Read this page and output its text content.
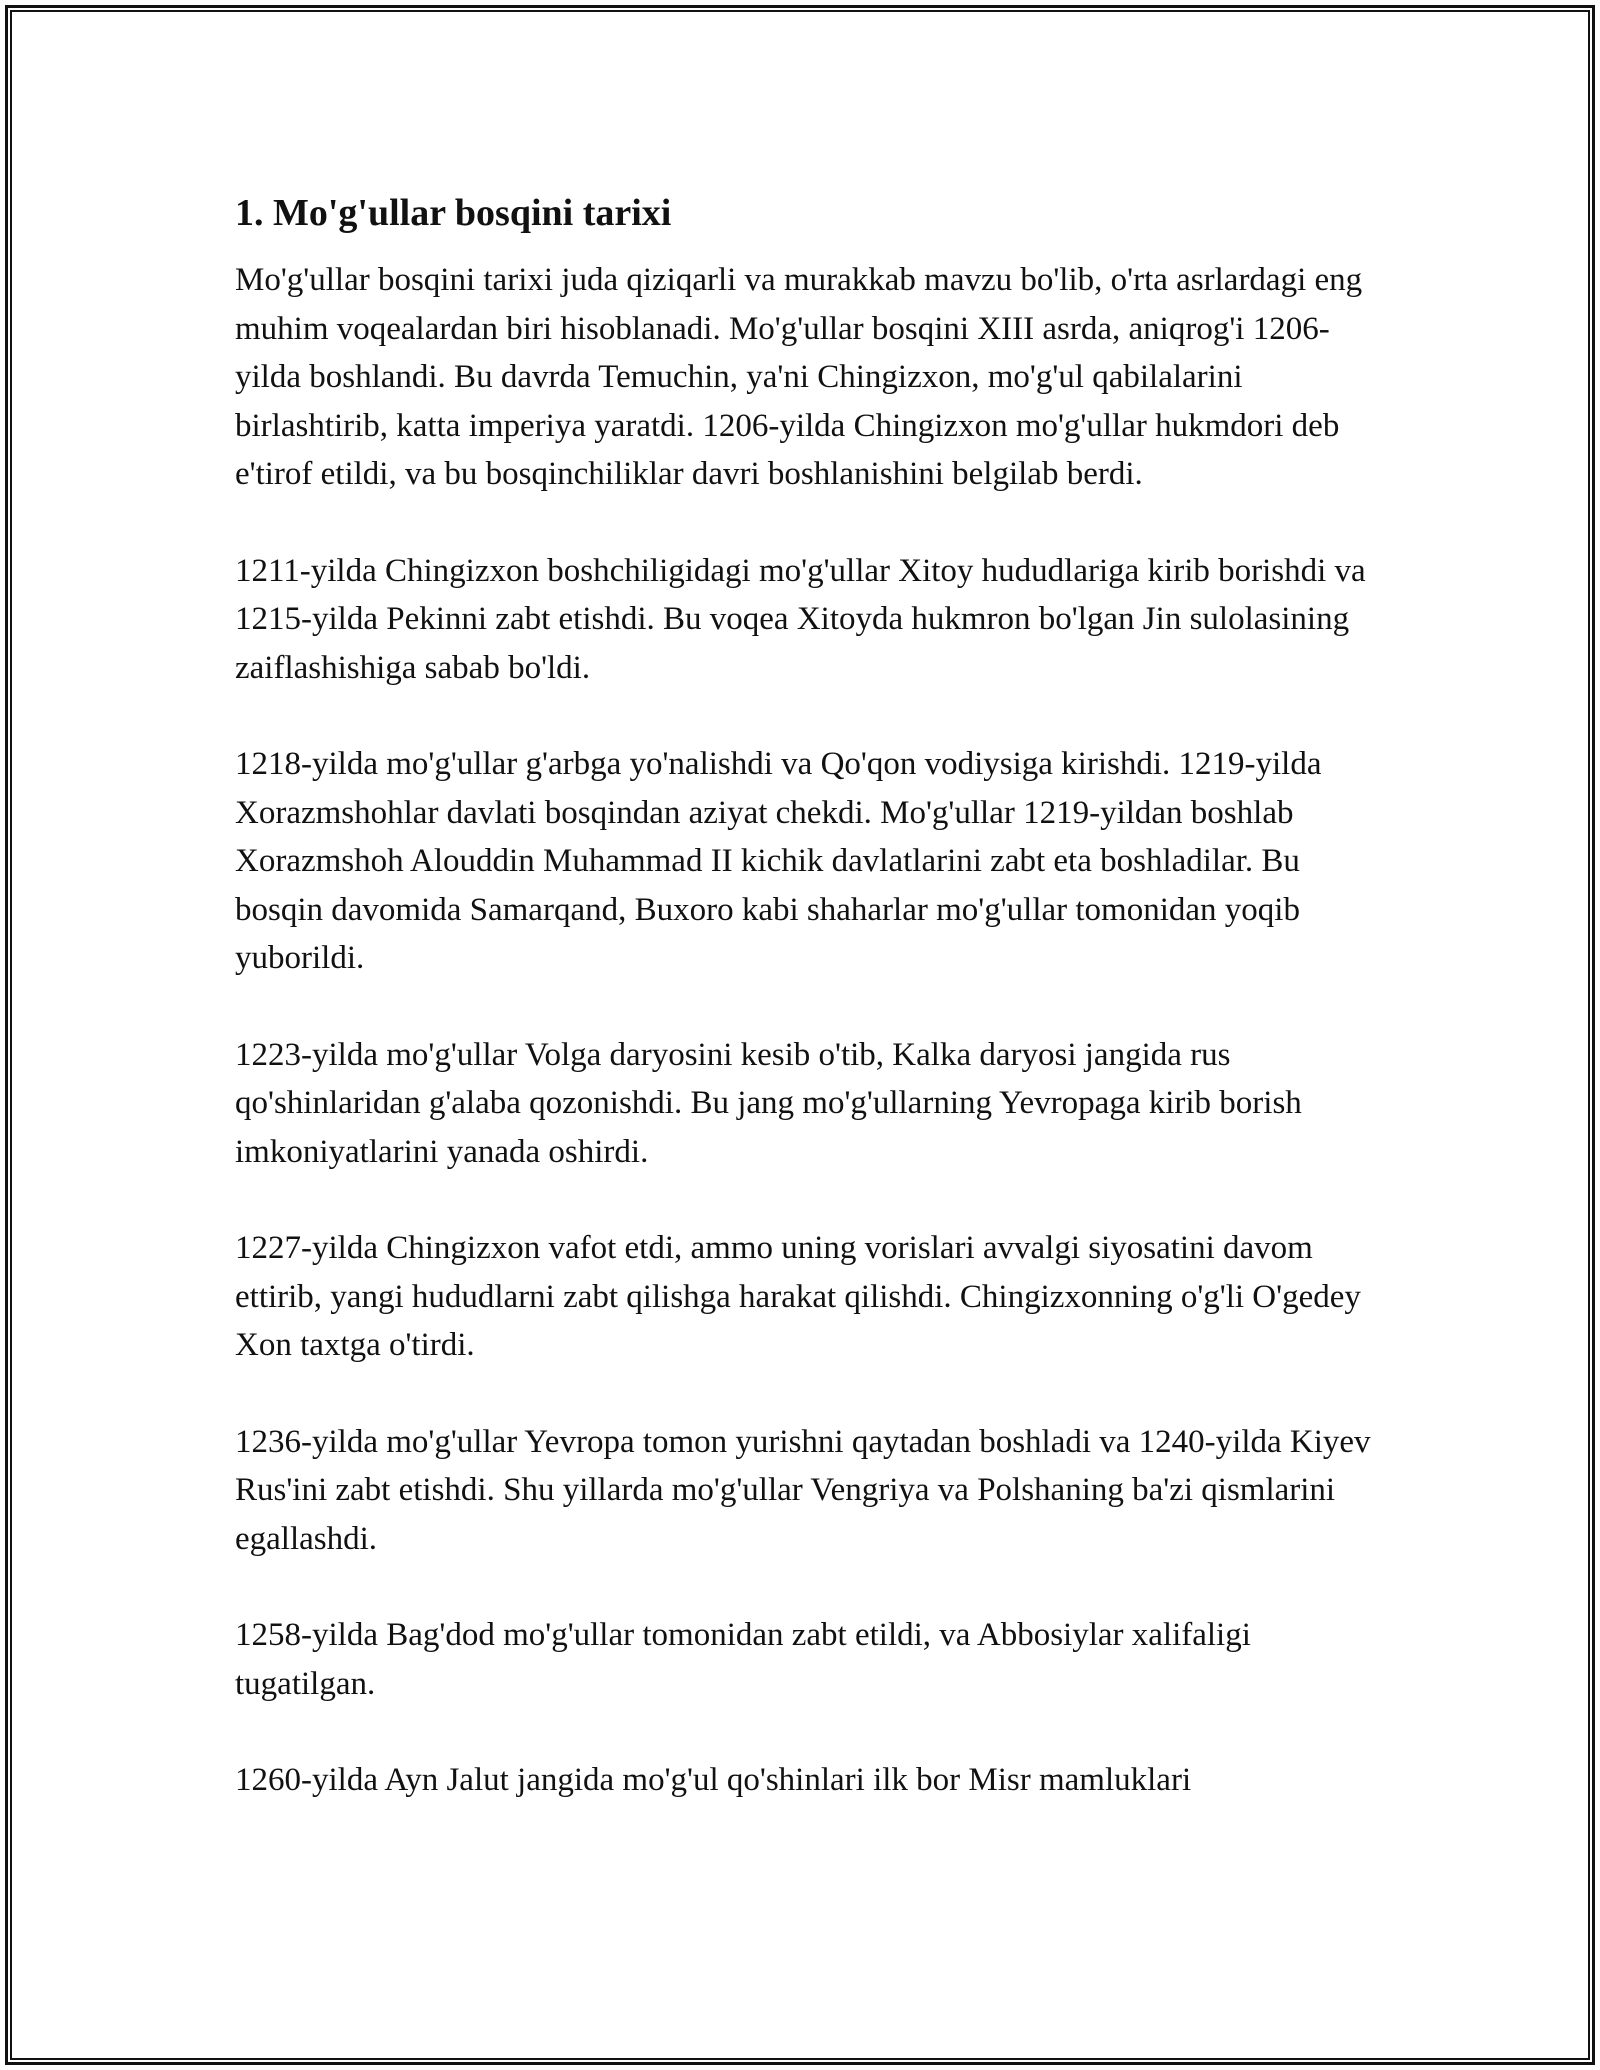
1. Mo'g'ullar bosqini tarixi

Mo'g'ullar bosqini tarixi juda qiziqarli va murakkab mavzu bo'lib, o'rta asrlardagi eng muhim voqealardan biri hisoblanadi. Mo'g'ullar bosqini XIII asrda, aniqrog'i 1206-yilda boshlandi. Bu davrda Temuchin, ya'ni Chingizxon, mo'g'ul qabilalarini birlashtirib, katta imperiya yaratdi. 1206-yilda Chingizxon mo'g'ullar hukmdori deb e'tirof etildi, va bu bosqinchiliklar davri boshlanishini belgilab berdi.

1211-yilda Chingizxon boshchiligidagi mo'g'ullar Xitoy hududlariga kirib borishdi va 1215-yilda Pekinni zabt etishdi. Bu voqea Xitoyda hukmron bo'lgan Jin sulolasining zaiflashishiga sabab bo'ldi.

1218-yilda mo'g'ullar g'arbga yo'nalishdi va Qo'qon vodiysiga kirishdi. 1219-yilda Xorazmshohlar davlati bosqindan aziyat chekdi. Mo'g'ullar 1219-yildan boshlab Xorazmshoh Alouddin Muhammad II kichik davlatlarini zabt eta boshladilar. Bu bosqin davomida Samarqand, Buxoro kabi shaharlar mo'g'ullar tomonidan yoqib yuborildi.

1223-yilda mo'g'ullar Volga daryosini kesib o'tib, Kalka daryosi jangida rus qo'shinlaridan g'alaba qozonishdi. Bu jang mo'g'ullarning Yevropaga kirib borish imkoniyatlarini yanada oshirdi.

1227-yilda Chingizxon vafot etdi, ammo uning vorislari avvalgi siyosatini davom ettirib, yangi hududlarni zabt qilishga harakat qilishdi. Chingizxonning o'g'li O'gedey Xon taxtga o'tirdi.

1236-yilda mo'g'ullar Yevropa tomon yurishni qaytadan boshladi va 1240-yilda Kiyev Rus'ini zabt etishdi. Shu yillarda mo'g'ullar Vengriya va Polshaning ba'zi qismlarini egallashdi.

1258-yilda Bag'dod mo'g'ullar tomonidan zabt etildi, va Abbosiylar xalifaligi tugatilgan.

1260-yilda Ayn Jalut jangida mo'g'ul qo'shinlari ilk bor Misr mamluklari
